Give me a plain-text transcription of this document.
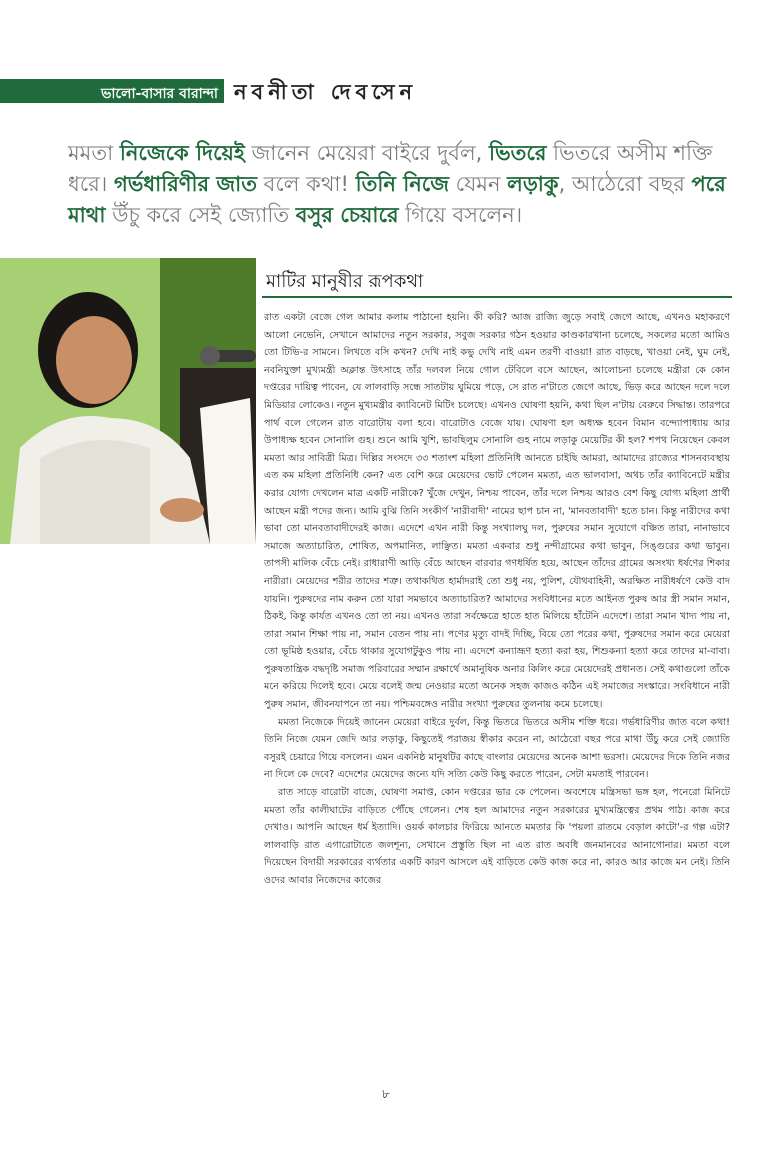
ভালো-বাসার বারান্দা নবনীতা দেবসেন
মমতা নিজেকে দিয়েই জানেন মেয়েরা বাইরে দুর্বল, ভিতরে ভিতরে অসীম শক্তি ধরে। গর্ভধারিণীর জাত বলে কথা! তিনি নিজে যেমন লড়াকু, আঠেরো বছর পরে মাথা উঁচু করে সেই জ্যোতি বসুর চেয়ারে গিয়ে বসলেন।
মাটির মানুষীর রূপকথা

রাত একটা বেজে গেল আমার কলাম পাঠানো হয়নি। কী করি? আজ রাজ্যি জুড়ে সবাই জেগে আছে, এখনও মহাকরণে আলো নেভেনি, সেখানে আমাদের নতুন সরকার, সবুজ সরকার গঠন হওয়ার কাণ্ডকারখানা চলেছে, সকলের মতো আমিও তো টিভি-র সামনে। লিখতে বসি কখন? দেখি নাই কভু দেখি নাই এমন তরণী বাওয়া! রাত বাড়ছে, খাওয়া নেই, ঘুম নেই, নবনিযুক্তা মুখ্যমন্ত্রী অক্লান্ত উৎসাহে তাঁর দলবল নিয়ে গোল টেবিলে বসে আছেন, আলোচনা চলেছে মন্ত্রীরা কে কোন দপ্তরের দায়িত্ব পাবেন, যে লালবাড়ি সন্ধে সাতটায় ঘুমিয়ে পড়ে, সে রাত ন'টাতে জেগে আছে, ভিড় করে আছেন দলে দলে মিডিয়ার লোকেও। নতুন মুখ্যমন্ত্রীর ক্যাবিনেট মিটিং চলেছে। এখনও ঘোষণা হয়নি, কথা ছিল ন'টায় বেরুবে সিদ্ধান্ত। তারপরে পার্থ বলে গেলেন রাত বারোটায় বলা হবে। বারোটাও বেজে যায়। ঘোষণা হল অধ্যক্ষ হবেন বিমান বন্দ্যোপাধ্যায় আর উপাধ্যক্ষ হবেন সোনালি গুহ। শুনে আমি খুশি, ভাবছিলুম সোনালি গুহ নামে লড়াকু মেয়েটির কী হল? শপথ নিয়েছেন কেবল মমতা আর সাবিত্রী মিত্র। দিল্লির সংসদে ৩৩ শতাংশ মহিলা প্রতিনিধি আনতে চাইছি আমরা, আমাদের রাজ্যের শাসনব্যবস্থায় এত কম মহিলা প্রতিনিধি কেন? এত বেশি করে মেয়েদের ভোট পেলেন মমতা, এত ভালবাসা, অথচ তাঁর ক্যাবিনেটে মন্ত্রীর করার যোগ্য দেখলেন মাত্র একটি নারীকে? খুঁজে দেখুন, নিশ্চয় পাবেন, তাঁর দলে নিশ্চয় আরও বেশ কিছু যোগ্য মহিলা প্রার্থী আছেন মন্ত্রী পদের জন্য। আমি বুঝি তিনি সংকীর্ণ 'নারীবাদী' নামের ছাপ চান না, 'মানবতাবাদী' হতে চান। কিন্তু নারীদের কথা ভাবা তো মানবতাবাদীদেরই কাজ। এদেশে এখন নারী কিন্তু সংখ্যালঘু দল, পুরুষের সমান সুযোগে বঞ্চিত তারা, নানাভাবে সমাজে অত্যাচারিত, শোষিত, অপমানিত, লাঞ্ছিত। মমতা একবার শুধু নন্দীগ্রামের কথা ভাবুন, সিঙ্গুরের কথা ভাবুন। তাপসী মালিক বেঁচে নেই। রাধারাণী আড়ি বেঁচে আছেন বারবার গণধর্ষিত হয়ে, আছেন তাঁদের গ্রামের অসংখ্য ধর্ষণের শিকার নারীরা। মেয়েদের শরীর তাদের শত্রু। তথাকথিত হার্মাদরাই তো শুধু নয়, পুলিশ, যৌথবাহিনী, অরক্ষিত নারীধর্ষণে কেউ বাদ যায়নি। পুরুষদের নাম করুন তো যারা সমভাবে অত্যাচারিত? আমাদের সংবিধানের মতে আইনত পুরুষ আর স্ত্রী সমান সমান, ঠিকই, কিন্তু কার্যত এখনও তো তা নয়। এখনও তারা সর্বক্ষেত্রে হাতে হাত মিলিয়ে হাঁটেনি এদেশে। তারা সমান খাদ্য পায় না, তারা সমান শিক্ষা পায় না, সমান বেতন পায় না। পণের মৃত্যু বাদই দিচ্ছি, বিয়ে তো পরের কথা, পুরুষদের সমান করে মেয়েরা তো ভূমিষ্ঠ হওয়ার, বেঁচে থাকার সুযোগটুকুও পায় না। এদেশে কন্যাভ্রূণ হত্যা করা হয়, শিশুকন্যা হত্যা করে তাদের মা-বাবা। পুরুষতান্ত্রিক বদ্ধদৃষ্টি সমাজ পরিবারের সম্মান রক্ষার্থে অমানুষিক অনার কিলিং করে মেয়েদেরই প্রধানত। সেই কথাগুলো তাঁকে মনে করিয়ে দিলেই হবে। মেয়ে বলেই জন্ম নেওয়ার মতো অনেক সহজ কাজও কঠিন এই সমাজের সংস্কারে। সংবিধানে নারী পুরুষ সমান, জীবনযাপনে তা নয়। পশ্চিমবঙ্গেও নারীর সংখ্যা পুরুষের তুলনায় কমে চলেছে।

মমতা নিজেকে দিয়েই জানেন মেয়েরা বাইরে দুর্বল, কিন্তু ভিতরে ভিতরে অসীম শক্তি ধরে। গর্ভধারিণীর জাত বলে কথা! তিনি নিজে যেমন জেদি আর লড়াকু, কিছুতেই পরাজয় স্বীকার করেন না, আঠেরো বছর পরে মাথা উঁচু করে সেই জ্যোতি বসুরই চেয়ারে গিয়ে বসলেন। এমন একনিষ্ঠ মানুষটির কাছে বাংলার মেয়েদের অনেক আশা ভরসা। মেয়েদের দিকে তিনি নজর না দিলে কে দেবে? এদেশের মেয়েদের জন্যে যদি সত্যি কেউ কিছু করতে পারেন, সেটা মমতাই পারবেন।

রাত সাড়ে বারোটা বাজে, ঘোষণা সমাপ্ত, কোন দপ্তরের ভার কে পেলেন। অবশেষে মন্ত্রিসভা ভঙ্গ হল, পনেরো মিনিটে মমতা তাঁর কালীঘাটের বাড়িতে পৌঁছে গেলেন। শেষ হল আমাদের নতুন সরকারের মুখ্যমন্ত্রিত্বের প্রথম পাঠ। কাজ করে দেখাও। আপনি আছেন ধর্ম ইত্যাদি। ওয়র্ক কালচার ফিরিয়ে আনতে মমতার কি 'পয়লা রাতমে বেড়াল কাটো'-র গল্প এটা? লালবাড়ি রাত এগারোটাতে জলশূন্য, সেখানে প্রস্তুতি ছিল না এত রাত অবধি জনমানবের আনাগোনার। মমতা বলে দিয়েছেন বিদায়ী সরকারের ব্যর্থতার একটি কারণ আসলে এই বাড়িতে কেউ কাজ করে না, কারও আর কাজে মন নেই। তিনি ওদের আবার নিজেদের কাজের

৮
